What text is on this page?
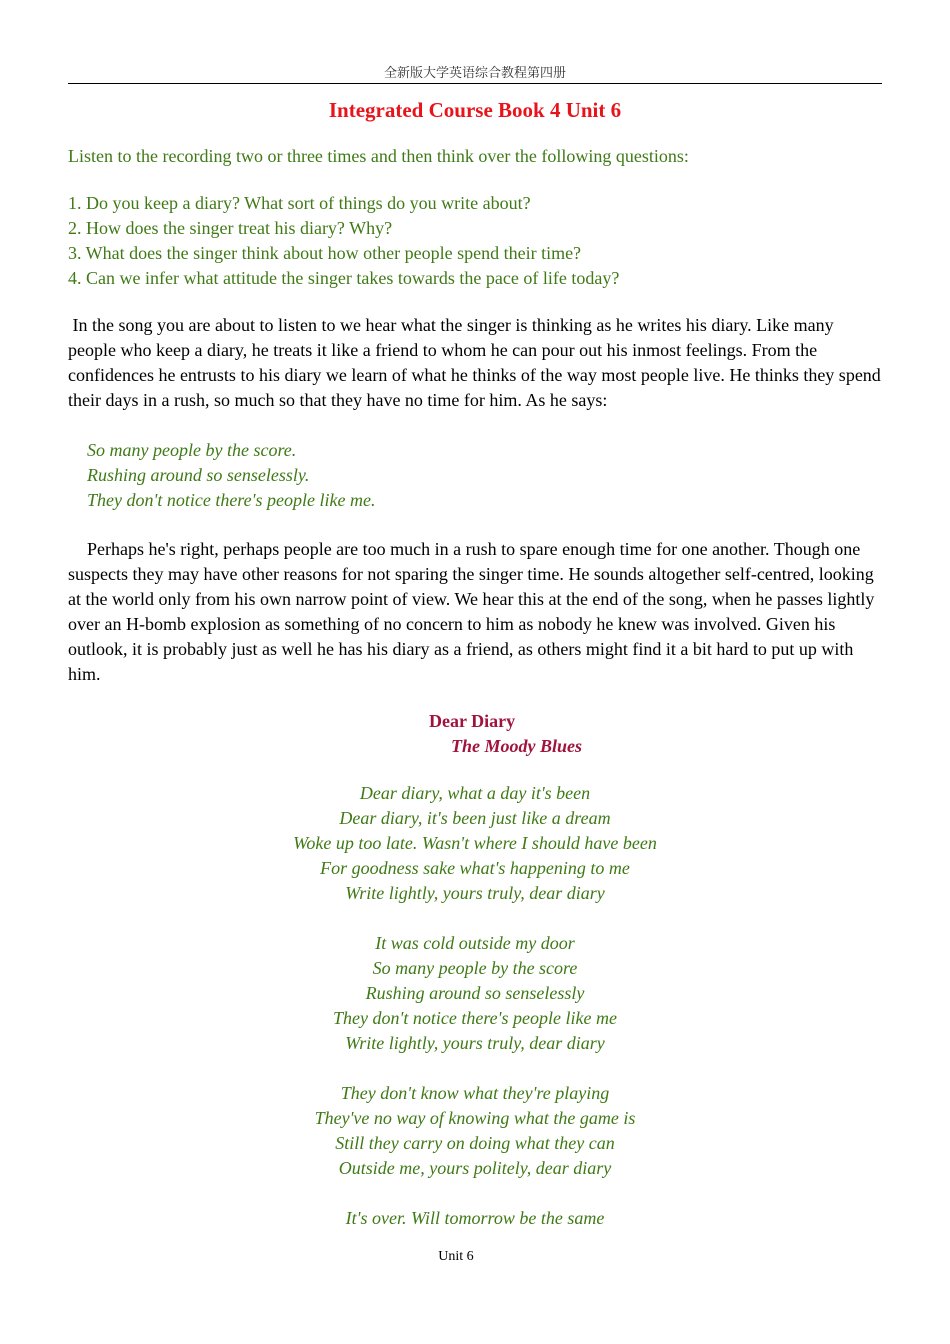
全新版大学英语综合教程第四册
Integrated Course Book 4 Unit 6

Listen to the recording two or three times and then think over the following questions:

1. Do you keep a diary? What sort of things do you write about?
2. How does the singer treat his diary? Why?
3. What does the singer think about how other people spend their time?
4. Can we infer what attitude the singer takes towards the pace of life today?

In the song you are about to listen to we hear what the singer is thinking as he writes his diary. Like many people who keep a diary, he treats it like a friend to whom he can pour out his inmost feelings. From the confidences he entrusts to his diary we learn of what he thinks of the way most people live. He thinks they spend their days in a rush, so much so that they have no time for him. As he says:

So many people by the score.
Rushing around so senselessly.
They don't notice there's people like me.

Perhaps he's right, perhaps people are too much in a rush to spare enough time for one another. Though one suspects they may have other reasons for not sparing the singer time. He sounds altogether self-centred, looking at the world only from his own narrow point of view. We hear this at the end of the song, when he passes lightly over an H-bomb explosion as something of no concern to him as nobody he knew was involved. Given his outlook, it is probably just as well he has his diary as a friend, as others might find it a bit hard to put up with him.

Dear Diary
The Moody Blues
Dear diary, what a day it's been
Dear diary, it's been just like a dream
Woke up too late. Wasn't where I should have been
For goodness sake what's happening to me
Write lightly, yours truly, dear diary
It was cold outside my door
So many people by the score
Rushing around so senselessly
They don't notice there's people like me
Write lightly, yours truly, dear diary
They don't know what they're playing
They've no way of knowing what the game is
Still they carry on doing what they can
Outside me, yours politely, dear diary
It's over. Will tomorrow be the same
Unit 6
